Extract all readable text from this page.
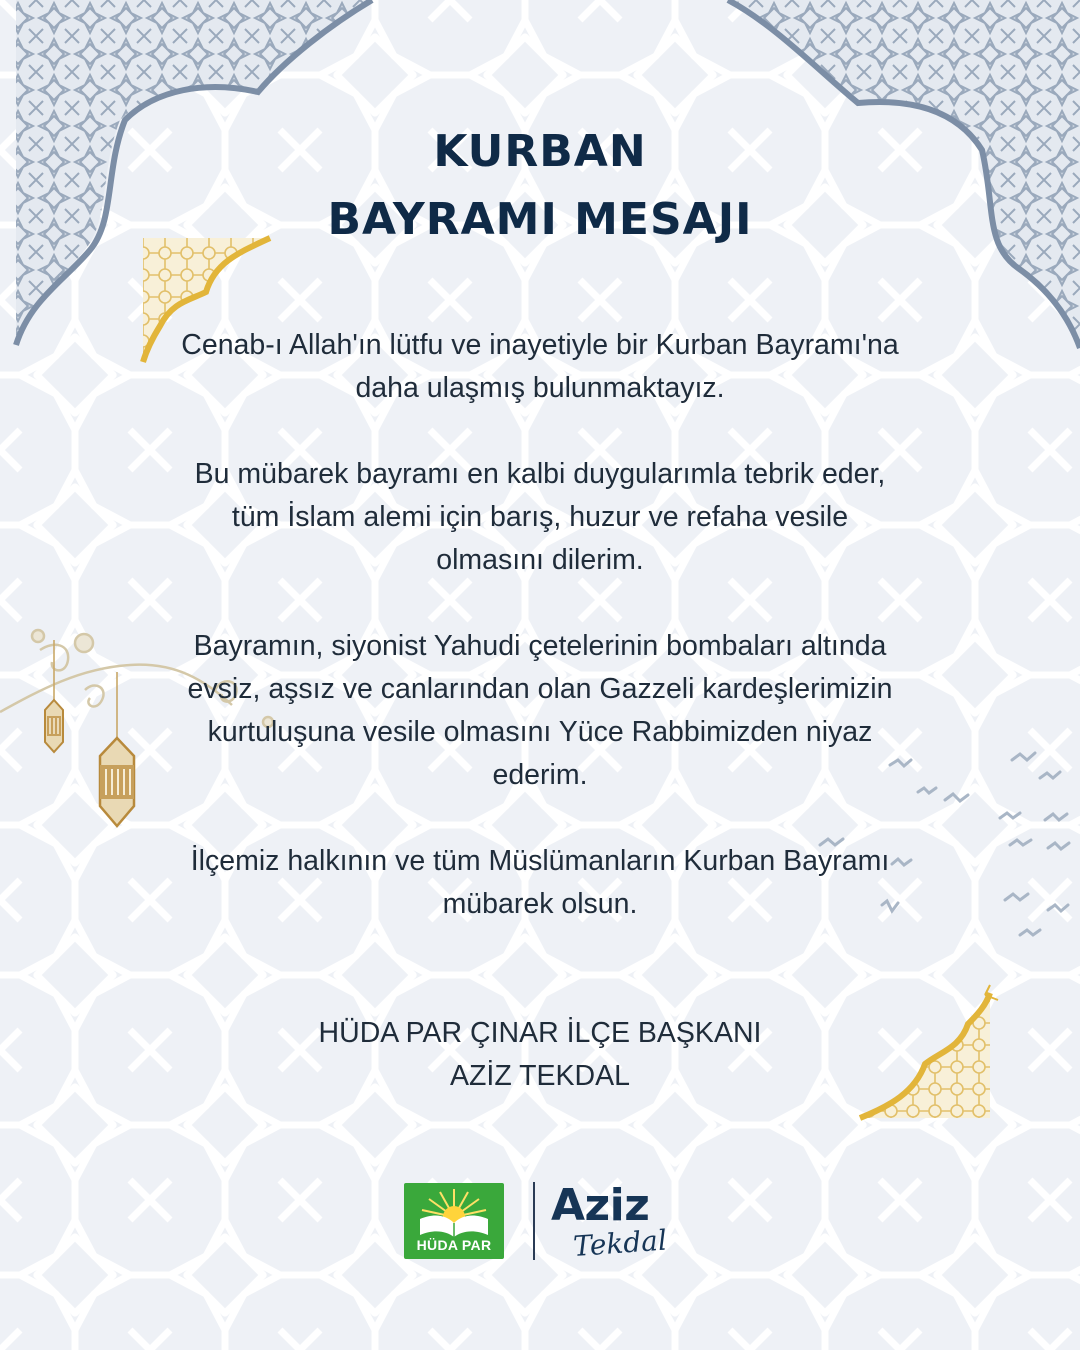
KURBAN
BAYRAMI MESAJI

Cenab-ı Allah'ın lütfu ve inayetiyle bir Kurban Bayramı'na daha ulaşmış bulunmaktayız.

Bu mübarek bayramı en kalbi duygularımla tebrik eder, tüm İslam alemi için barış, huzur ve refaha vesile olmasını dilerim.

Bayramın, siyonist Yahudi çetelerinin bombaları altında evsiz, aşsız ve canlarından olan Gazzeli kardeşlerimizin kurtuluşuna vesile olmasını Yüce Rabbimizden niyaz ederim.

İlçemiz halkının ve tüm Müslümanların Kurban Bayramı mübarek olsun.

HÜDA PAR ÇINAR İLÇE BAŞKANI
AZİZ TEKDAL
HÜDA PAR
Aziz
Tekdal
